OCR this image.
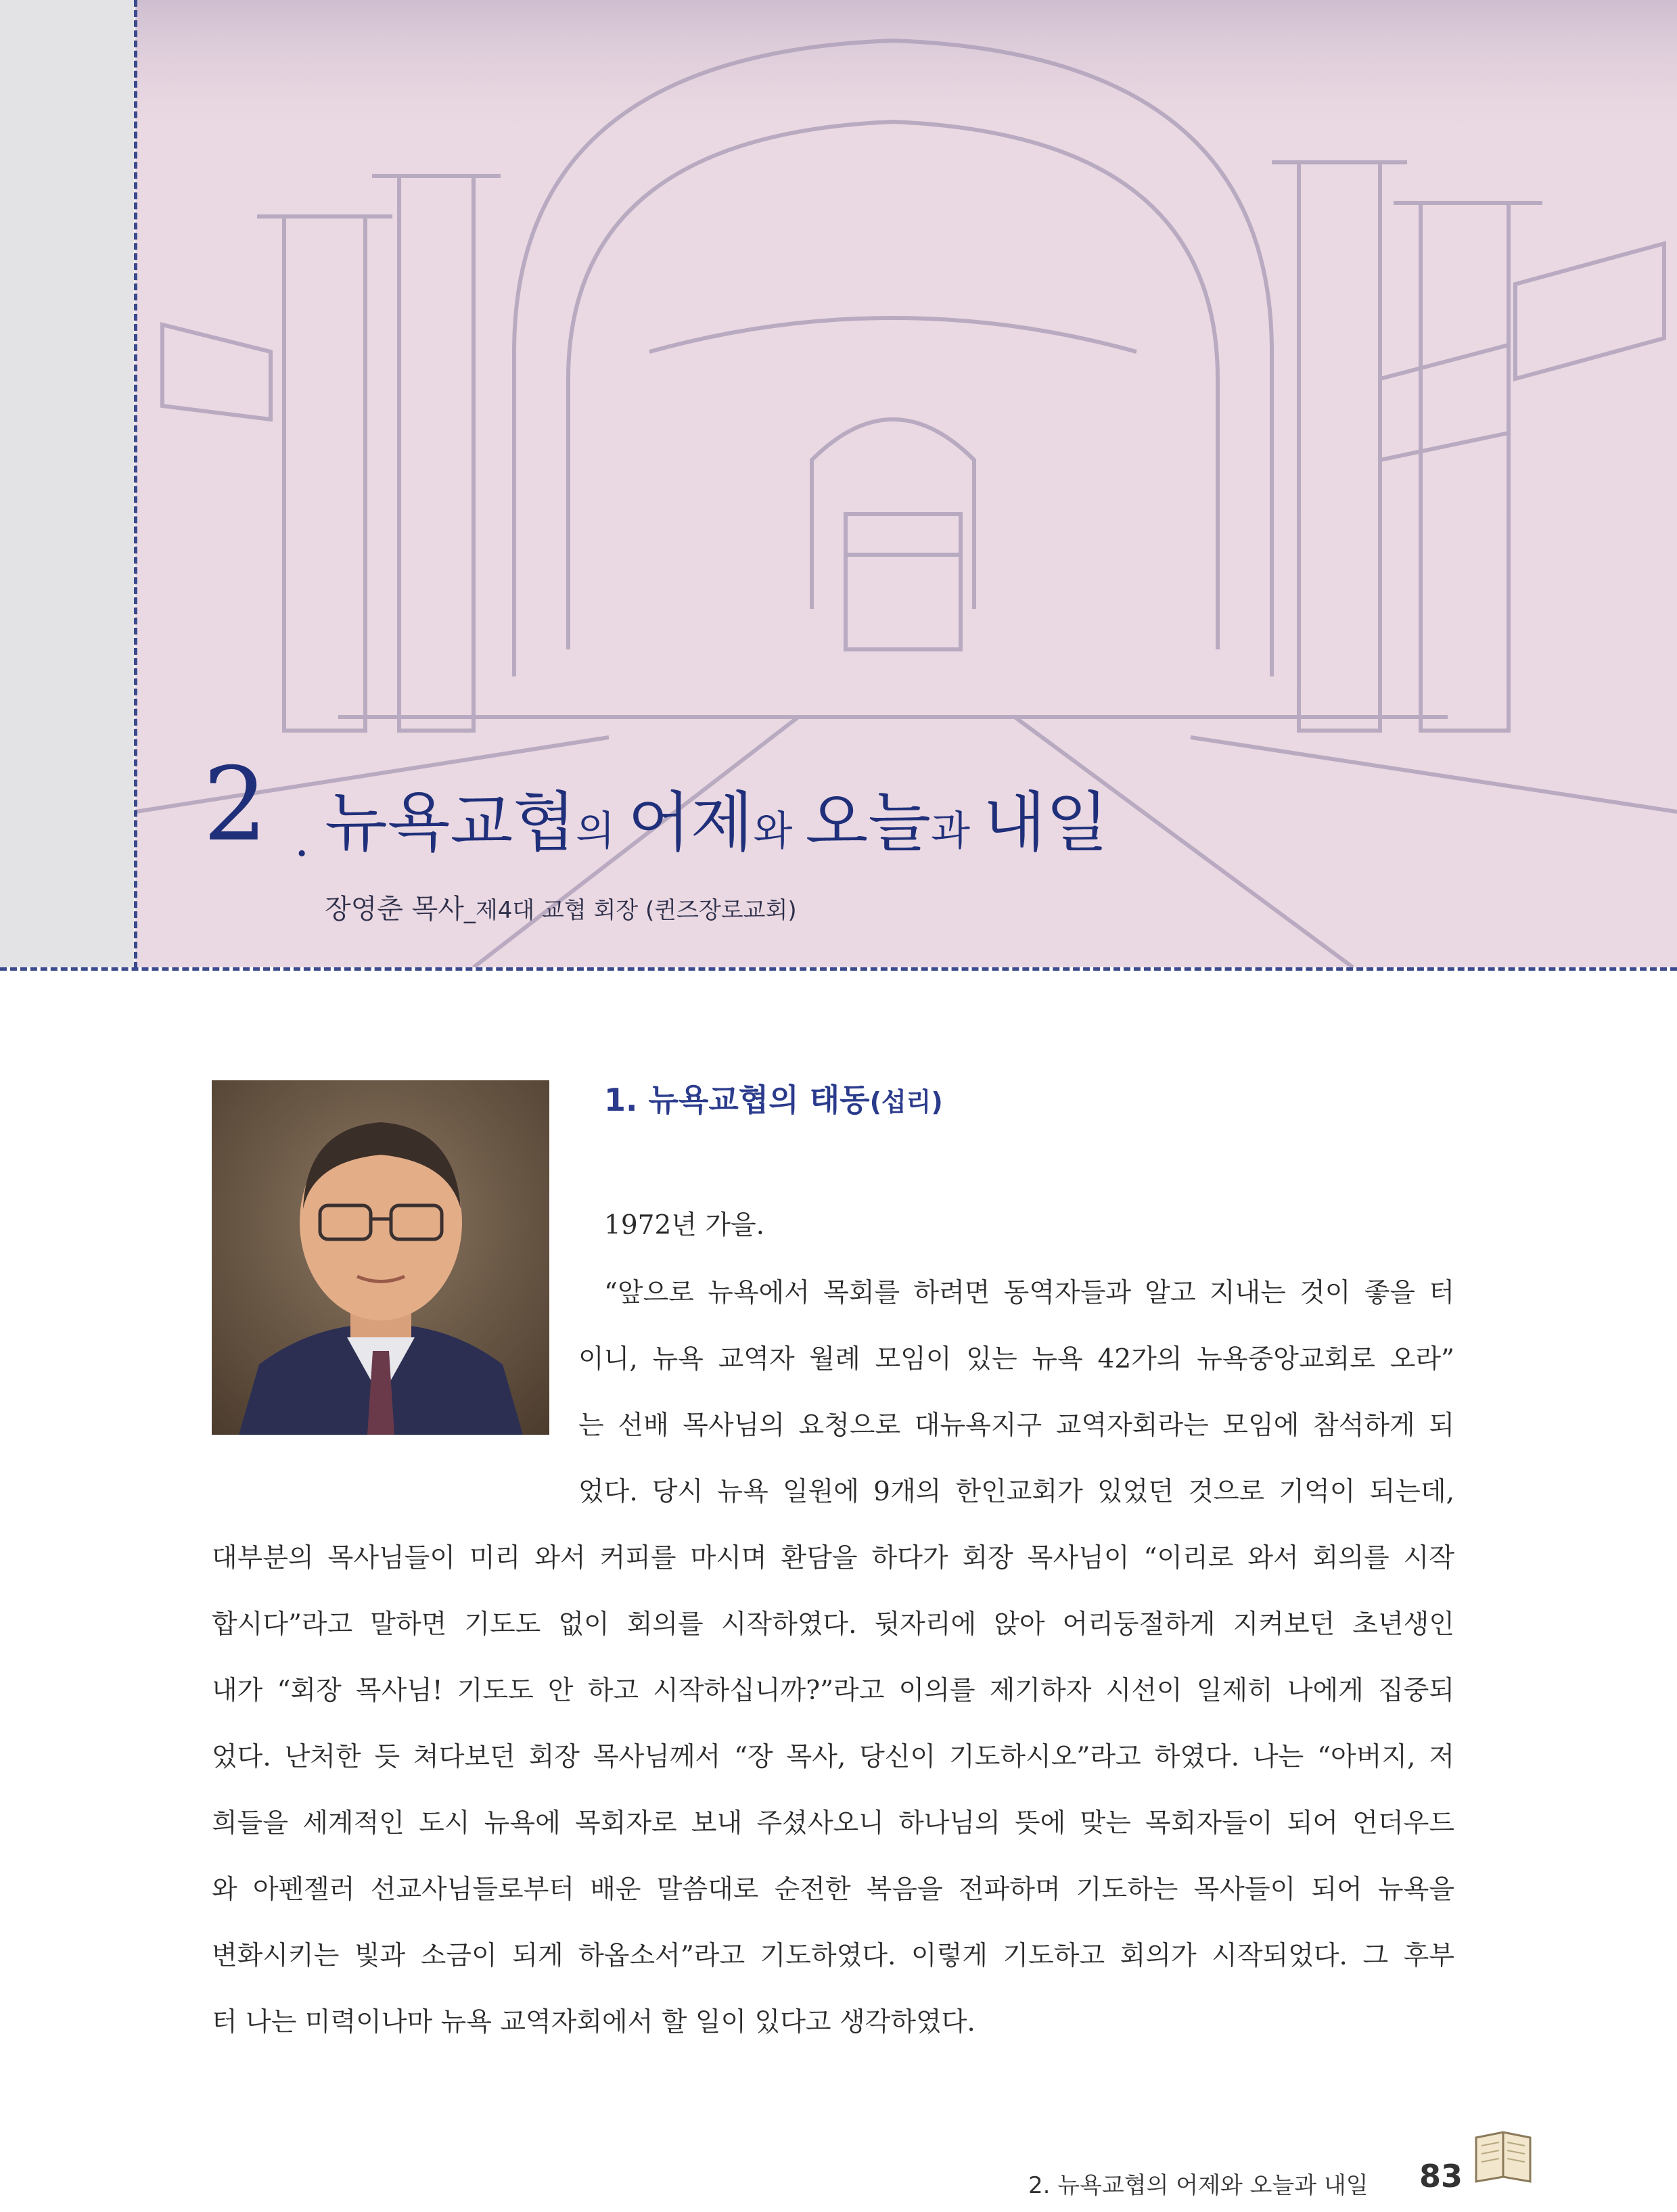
2 . 뉴욕교협의 어제와 오늘과 내일
장영춘 목사_제4대 교협 회장 (퀸즈장로교회)
1. 뉴욕교협의 태동(섭리)
1972년 가을.
“앞으로 뉴욕에서 목회를 하려면 동역자들과 알고 지내는 것이 좋을 터
이니, 뉴욕 교역자 월례 모임이 있는 뉴욕 42가의 뉴욕중앙교회로 오라”
는 선배 목사님의 요청으로 대뉴욕지구 교역자회라는 모임에 참석하게 되
었다. 당시 뉴욕 일원에 9개의 한인교회가 있었던 것으로 기억이 되는데,
대부분의 목사님들이 미리 와서 커피를 마시며 환담을 하다가 회장 목사님이 “이리로 와서 회의를 시작
합시다”라고 말하면 기도도 없이 회의를 시작하였다. 뒷자리에 앉아 어리둥절하게 지켜보던 초년생인
내가 “회장 목사님! 기도도 안 하고 시작하십니까?”라고 이의를 제기하자 시선이 일제히 나에게 집중되
었다. 난처한 듯 쳐다보던 회장 목사님께서 “장 목사, 당신이 기도하시오”라고 하였다. 나는 “아버지, 저
희들을 세계적인 도시 뉴욕에 목회자로 보내 주셨사오니 하나님의 뜻에 맞는 목회자들이 되어 언더우드
와 아펜젤러 선교사님들로부터 배운 말씀대로 순전한 복음을 전파하며 기도하는 목사들이 되어 뉴욕을
변화시키는 빛과 소금이 되게 하옵소서”라고 기도하였다. 이렇게 기도하고 회의가 시작되었다. 그 후부
터 나는 미력이나마 뉴욕 교역자회에서 할 일이 있다고 생각하였다.
2. 뉴욕교협의 어제와 오늘과 내일 83
